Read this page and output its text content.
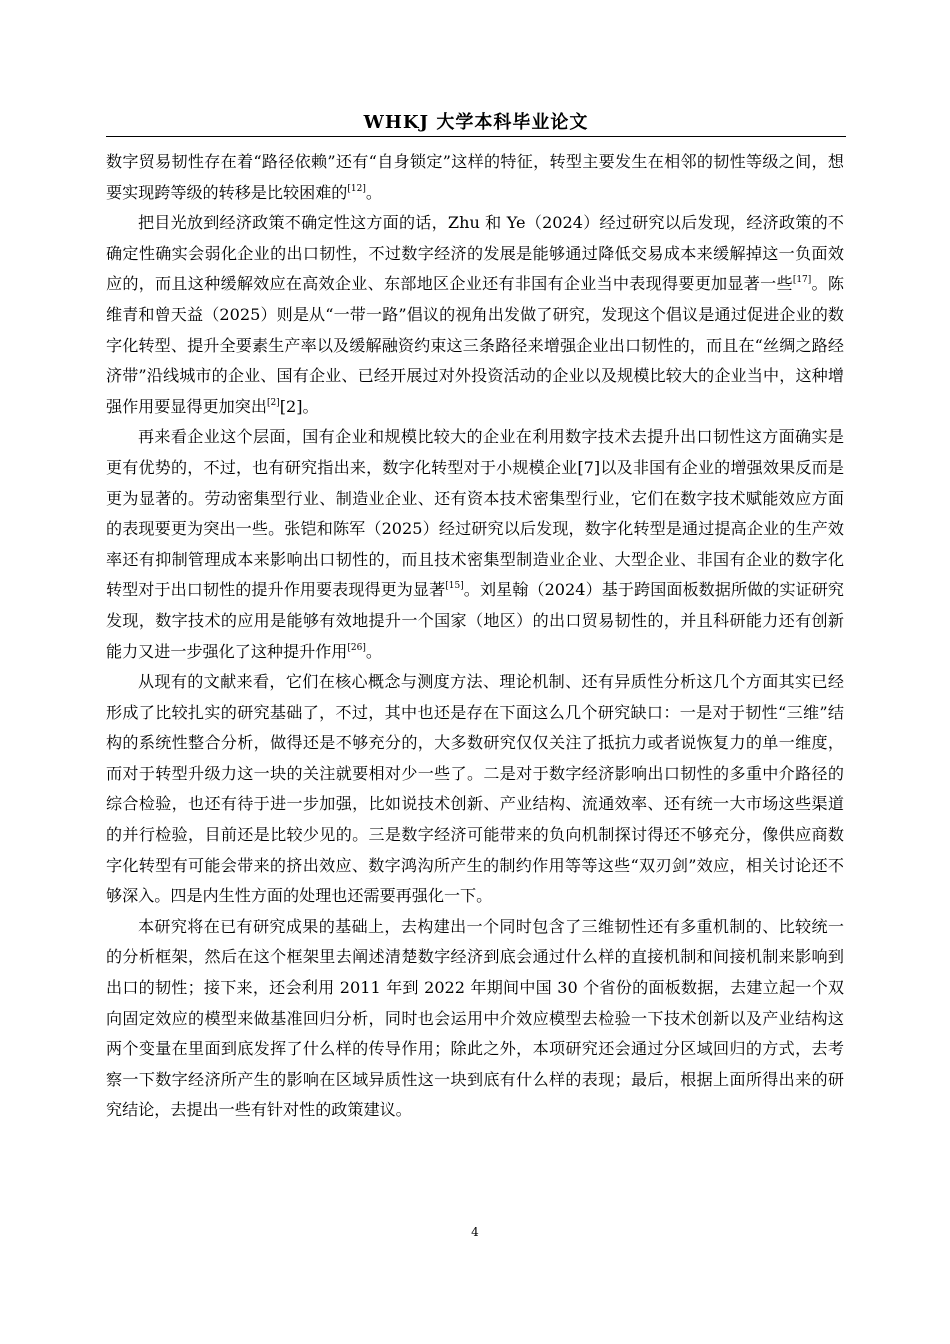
WHKJ 大学本科毕业论文

数字贸易韧性存在着“路径依赖”还有“自身锁定”这样的特征，转型主要发生在相邻的韧性等级之间，想要实现跨等级的转移是比较困难的[12]。

把目光放到经济政策不确定性这方面的话，Zhu 和 Ye（2024）经过研究以后发现，经济政策的不确定性确实会弱化企业的出口韧性，不过数字经济的发展是能够通过降低交易成本来缓解掉这一负面效应的，而且这种缓解效应在高效企业、东部地区企业还有非国有企业当中表现得要更加显著一些[17]。陈维青和曾天益（2025）则是从“一带一路”倡议的视角出发做了研究，发现这个倡议是通过促进企业的数字化转型、提升全要素生产率以及缓解融资约束这三条路径来增强企业出口韧性的，而且在“丝绸之路经济带”沿线城市的企业、国有企业、已经开展过对外投资活动的企业以及规模比较大的企业当中，这种增强作用要显得更加突出[2][2]。

再来看企业这个层面，国有企业和规模比较大的企业在利用数字技术去提升出口韧性这方面确实是更有优势的，不过，也有研究指出来，数字化转型对于小规模企业[7]以及非国有企业的增强效果反而是更为显著的。劳动密集型行业、制造业企业、还有资本技术密集型行业，它们在数字技术赋能效应方面的表现要更为突出一些。张铠和陈军（2025）经过研究以后发现，数字化转型是通过提高企业的生产效率还有抑制管理成本来影响出口韧性的，而且技术密集型制造业企业、大型企业、非国有企业的数字化转型对于出口韧性的提升作用要表现得更为显著[15]。刘星翰（2024）基于跨国面板数据所做的实证研究发现，数字技术的应用是能够有效地提升一个国家（地区）的出口贸易韧性的，并且科研能力还有创新能力又进一步强化了这种提升作用[26]。

从现有的文献来看，它们在核心概念与测度方法、理论机制、还有异质性分析这几个方面其实已经形成了比较扎实的研究基础了，不过，其中也还是存在下面这么几个研究缺口：一是对于韧性“三维”结构的系统性整合分析，做得还是不够充分的，大多数研究仅仅关注了抵抗力或者说恢复力的单一维度，而对于转型升级力这一块的关注就要相对少一些了。二是对于数字经济影响出口韧性的多重中介路径的综合检验，也还有待于进一步加强，比如说技术创新、产业结构、流通效率、还有统一大市场这些渠道的并行检验，目前还是比较少见的。三是数字经济可能带来的负向机制探讨得还不够充分，像供应商数字化转型有可能会带来的挤出效应、数字鸿沟所产生的制约作用等等这些“双刃剑”效应，相关讨论还不够深入。四是内生性方面的处理也还需要再强化一下。

本研究将在已有研究成果的基础上，去构建出一个同时包含了三维韧性还有多重机制的、比较统一的分析框架，然后在这个框架里去阐述清楚数字经济到底会通过什么样的直接机制和间接机制来影响到出口的韧性；接下来，还会利用 2011 年到 2022 年期间中国 30 个省份的面板数据，去建立起一个双向固定效应的模型来做基准回归分析，同时也会运用中介效应模型去检验一下技术创新以及产业结构这两个变量在里面到底发挥了什么样的传导作用；除此之外，本项研究还会通过分区域回归的方式，去考察一下数字经济所产生的影响在区域异质性这一块到底有什么样的表现；最后，根据上面所得出来的研究结论，去提出一些有针对性的政策建议。

4
